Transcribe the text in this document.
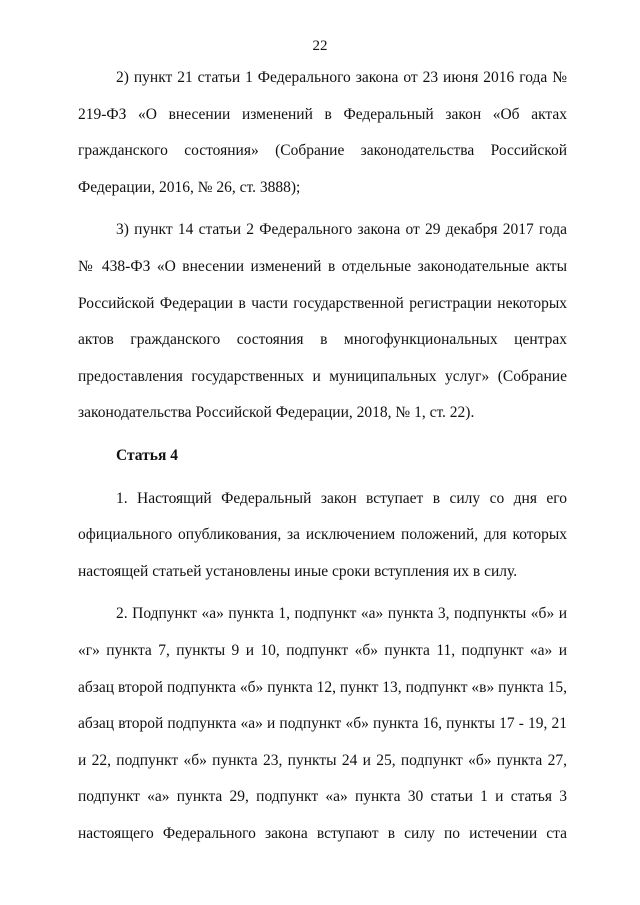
22

2) пункт 21 статьи 1 Федерального закона от 23 июня 2016 года № 219-ФЗ «О внесении изменений в Федеральный закон «Об актах гражданского состояния» (Собрание законодательства Российской Федерации, 2016, № 26, ст. 3888);

3) пункт 14 статьи 2 Федерального закона от 29 декабря 2017 года № 438-ФЗ «О внесении изменений в отдельные законодательные акты Российской Федерации в части государственной регистрации некоторых актов гражданского состояния в многофункциональных центрах предоставления государственных и муниципальных услуг» (Собрание законодательства Российской Федерации, 2018, № 1, ст. 22).

Статья 4

1. Настоящий Федеральный закон вступает в силу со дня его официального опубликования, за исключением положений, для которых настоящей статьей установлены иные сроки вступления их в силу.

2. Подпункт «а» пункта 1, подпункт «а» пункта 3, подпункты «б» и «г» пункта 7, пункты 9 и 10, подпункт «б» пункта 11, подпункт «а» и абзац второй подпункта «б» пункта 12, пункт 13, подпункт «в» пункта 15, абзац второй подпункта «а» и подпункт «б» пункта 16, пункты 17 - 19, 21 и 22, подпункт «б» пункта 23, пункты 24 и 25, подпункт «б» пункта 27, подпункт «а» пункта 29, подпункт «а» пункта 30 статьи 1 и статья 3 настоящего Федерального закона вступают в силу по истечении ста
